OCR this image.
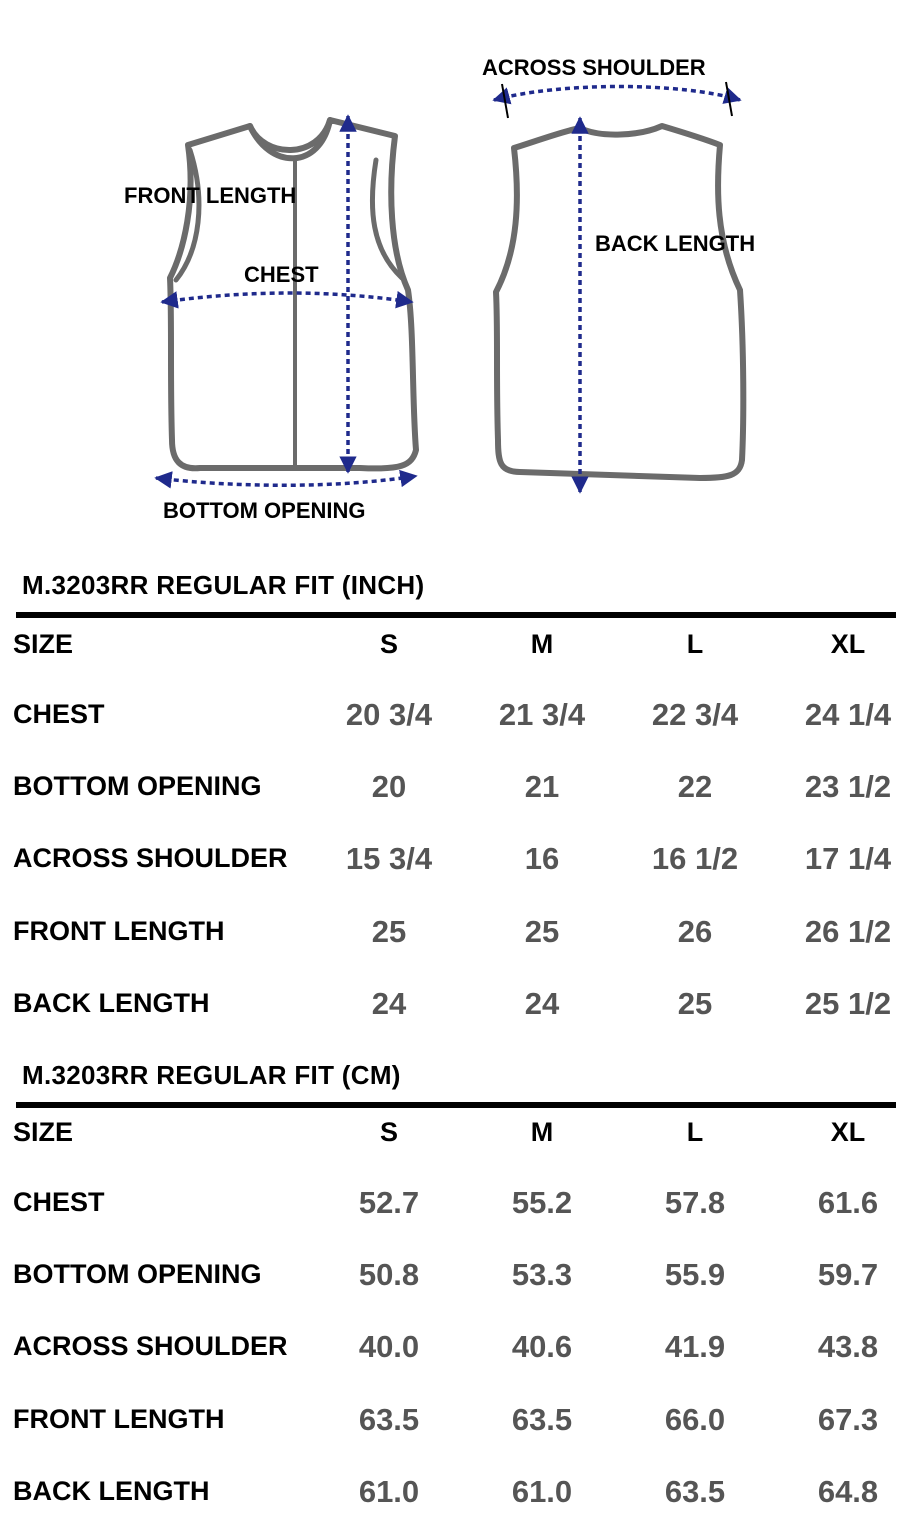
FRONT LENGTH
CHEST
BOTTOM OPENING
ACROSS SHOULDER
BACK LENGTH
M.3203RR REGULAR FIT (INCH)
SIZE	S	M	L	XL
CHEST	20 3/4	21 3/4	22 3/4	24 1/4
BOTTOM OPENING	20	21	22	23 1/2
ACROSS SHOULDER	15 3/4	16	16 1/2	17 1/4
FRONT LENGTH	25	25	26	26 1/2
BACK LENGTH	24	24	25	25 1/2
M.3203RR REGULAR FIT (CM)
SIZE	S	M	L	XL
CHEST	52.7	55.2	57.8	61.6
BOTTOM OPENING	50.8	53.3	55.9	59.7
ACROSS SHOULDER	40.0	40.6	41.9	43.8
FRONT LENGTH	63.5	63.5	66.0	67.3
BACK LENGTH	61.0	61.0	63.5	64.8
